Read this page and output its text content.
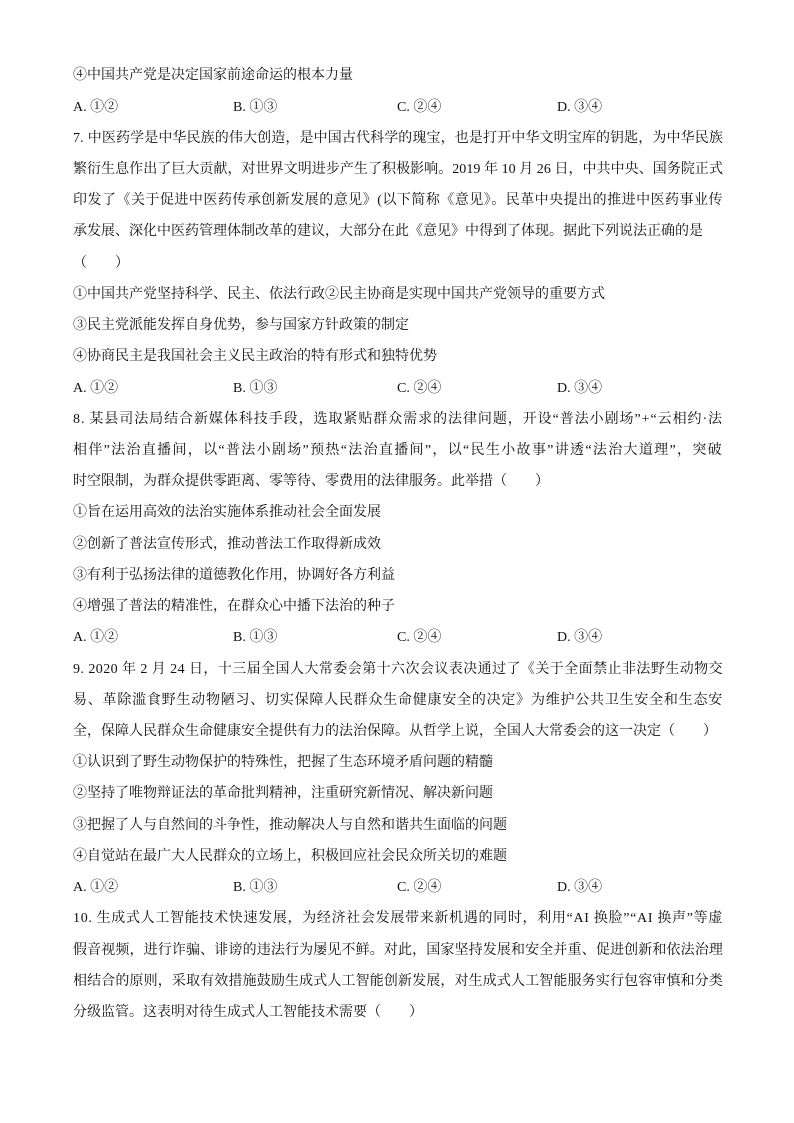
④中国共产党是决定国家前途命运的根本力量
A. ①②	B. ①③	C. ②④	D. ③④
7. 中医药学是中华民族的伟大创造，是中国古代科学的瑰宝，也是打开中华文明宝库的钥匙，为中华民族
繁衍生息作出了巨大贡献，对世界文明进步产生了积极影响。2019 年 10 月 26 日，中共中央、国务院正式
印发了《关于促进中医药传承创新发展的意见》(以下简称《意见》。民革中央提出的推进中医药事业传
承发展、深化中医药管理体制改革的建议，大部分在此《意见》中得到了体现。据此下列说法正确的是
（　　）
①中国共产党坚持科学、民主、依法行政②民主协商是实现中国共产党领导的重要方式
③民主党派能发挥自身优势，参与国家方针政策的制定
④协商民主是我国社会主义民主政治的特有形式和独特优势
A. ①②	B. ①③	C. ②④	D. ③④
8. 某县司法局结合新媒体科技手段，选取紧贴群众需求的法律问题，开设“普法小剧场”+“云相约·法
相伴”法治直播间，以“普法小剧场”预热“法治直播间”，以“民生小故事”讲透“法治大道理”，突破
时空限制，为群众提供零距离、零等待、零费用的法律服务。此举措（　　）
①旨在运用高效的法治实施体系推动社会全面发展
②创新了普法宣传形式，推动普法工作取得新成效
③有利于弘扬法律的道德教化作用，协调好各方利益
④增强了普法的精准性，在群众心中播下法治的种子
A. ①②	B. ①③	C. ②④	D. ③④
9. 2020 年 2 月 24 日，十三届全国人大常委会第十六次会议表决通过了《关于全面禁止非法野生动物交
易、革除滥食野生动物陋习、切实保障人民群众生命健康安全的决定》为维护公共卫生安全和生态安
全，保障人民群众生命健康安全提供有力的法治保障。从哲学上说，全国人大常委会的这一决定（　　）
①认识到了野生动物保护的特殊性，把握了生态环境矛盾问题的精髓
②坚持了唯物辩证法的革命批判精神，注重研究新情况、解决新问题
③把握了人与自然间的斗争性，推动解决人与自然和谐共生面临的问题
④自觉站在最广大人民群众的立场上，积极回应社会民众所关切的难题
A. ①②	B. ①③	C. ②④	D. ③④
10. 生成式人工智能技术快速发展，为经济社会发展带来新机遇的同时，利用“AI 换脸”“AI 换声”等虚
假音视频，进行诈骗、诽谤的违法行为屡见不鲜。对此，国家坚持发展和安全并重、促进创新和依法治理
相结合的原则，采取有效措施鼓励生成式人工智能创新发展，对生成式人工智能服务实行包容审慎和分类
分级监管。这表明对待生成式人工智能技术需要（　　）
